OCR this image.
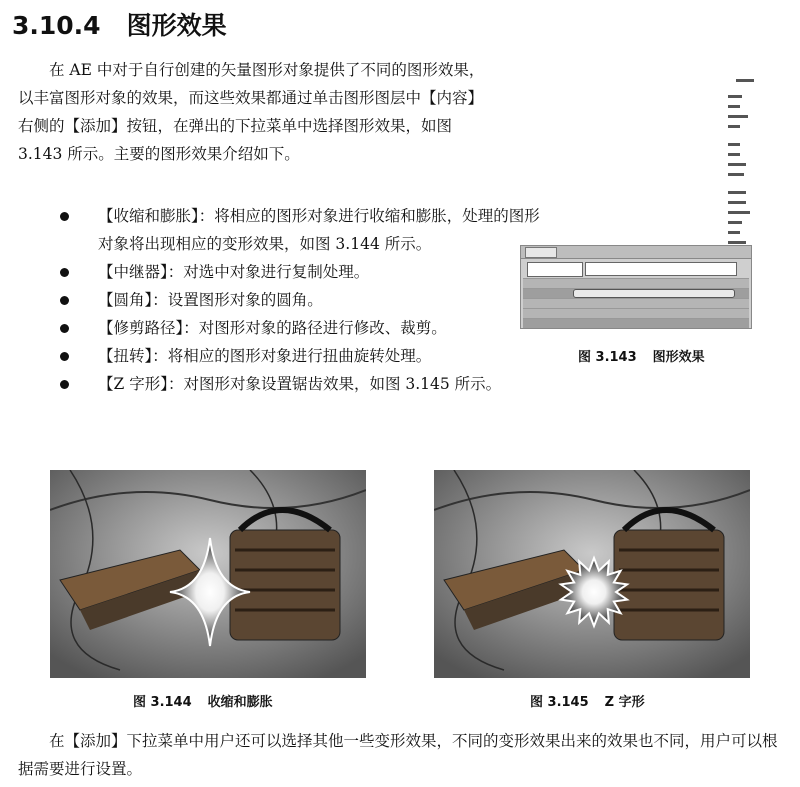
3.10.4 图形效果

在 AE 中对于自行创建的矢量图形对象提供了不同的图形效果，以丰富图形对象的效果，而这些效果都通过单击图形图层中【内容】右侧的【添加】按钮，在弹出的下拉菜单中选择图形效果，如图 3.143 所示。主要的图形效果介绍如下。

【收缩和膨胀】：将相应的图形对象进行收缩和膨胀，处理的图形对象将出现相应的变形效果，如图 3.144 所示。
【中继器】：对选中对象进行复制处理。
【圆角】：设置图形对象的圆角。
【修剪路径】：对图形对象的路径进行修改、裁剪。
【扭转】：将相应的图形对象进行扭曲旋转处理。
【Z 字形】：对图形对象设置锯齿效果，如图 3.145 所示。
图 3.143 图形效果
图 3.144 收缩和膨胀	图 3.145 Z 字形

在【添加】下拉菜单中用户还可以选择其他一些变形效果，不同的变形效果出来的效果也不同，用户可以根据需要进行设置。
